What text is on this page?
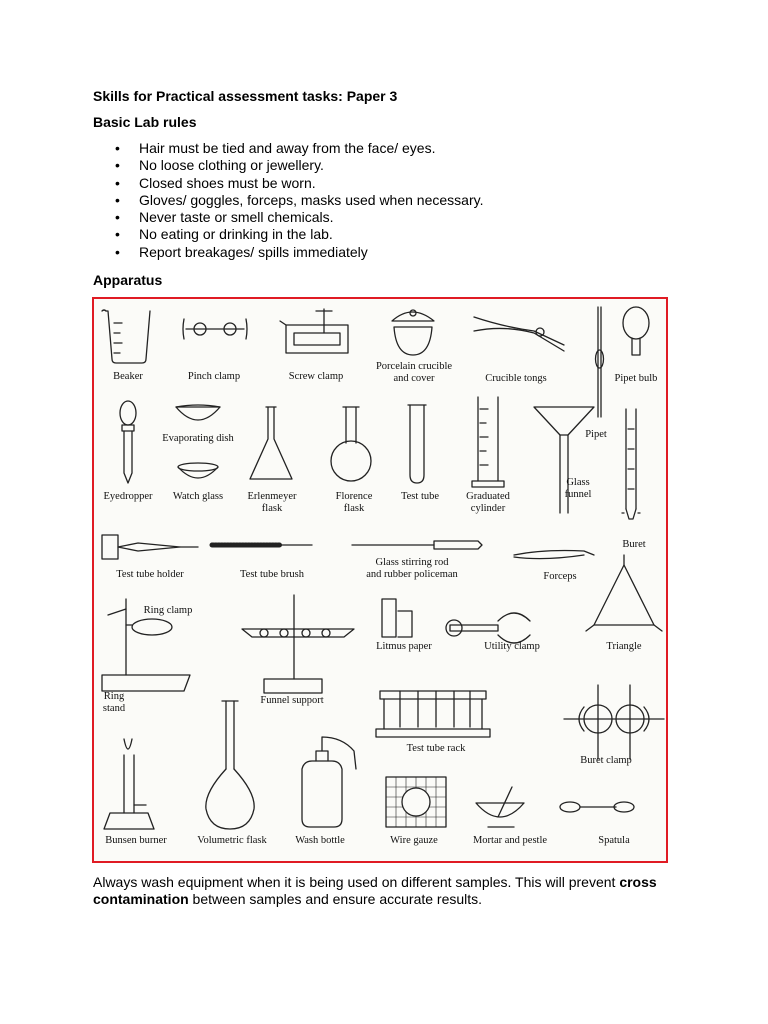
Skills for Practical assessment tasks: Paper 3
Basic Lab rules
• Hair must be tied and away from the face/ eyes.
• No loose clothing or jewellery.
• Closed shoes must be worn.
• Gloves/ goggles, forceps, masks used when necessary.
• Never taste or smell chemicals.
• No eating or drinking in the lab.
• Report breakages/ spills immediately
Apparatus
Beaker	Pinch clamp	Screw clamp
Porcelain crucible
and cover	Crucible tongs	Pipet bulb
Evaporating dish	Pipet
Eyedropper Watch glass Erlenmeyer
flask
Florence
flask
Test tube	Graduated
cylinder
Glass
funnel
Buret
Test tube holder	Test tube brush
Glass stirring rod
and rubber policeman	Forceps
Ring clamp
Litmus paper	Utility clamp	Triangle
Ring
stand
Funnel support
Test tube rack
Buret clamp
Bunsen burner	Volumetric flask	Wash bottle	Wire gauze	Mortar and pestle	Spatula

Always wash equipment when it is being used on different samples. This will prevent cross
contamination between samples and ensure accurate results.
